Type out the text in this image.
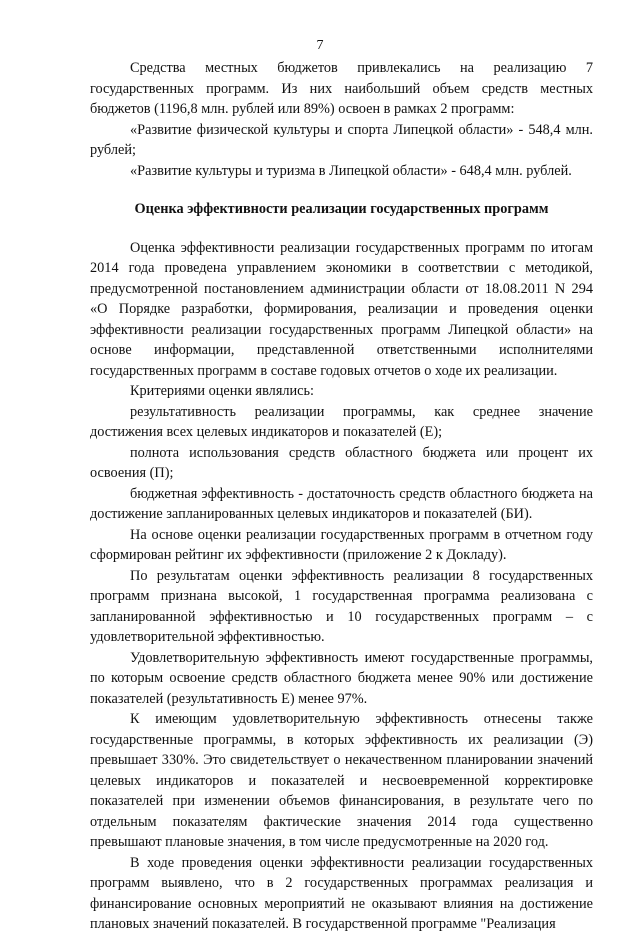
7

Средства местных бюджетов привлекались на реализацию 7 государственных программ. Из них наибольший объем средств местных бюджетов (1196,8 млн. рублей или 89%) освоен в рамках 2 программ:

«Развитие физической культуры и спорта Липецкой области» - 548,4 млн. рублей;

«Развитие культуры и туризма в Липецкой области» - 648,4 млн. рублей.

Оценка эффективности реализации государственных программ

Оценка эффективности реализации государственных программ по итогам 2014 года проведена управлением экономики в соответствии с методикой, предусмотренной постановлением администрации области от 18.08.2011 N 294 «О Порядке разработки, формирования, реализации и проведения оценки эффективности реализации государственных программ Липецкой области» на основе информации, представленной ответственными исполнителями государственных программ в составе годовых отчетов о ходе их реализации.

Критериями оценки являлись:

результативность реализации программы, как среднее значение достижения всех целевых индикаторов и показателей (Е);

полнота использования средств областного бюджета или процент их освоения (П);

бюджетная эффективность - достаточность средств областного бюджета на достижение запланированных целевых индикаторов и показателей (БИ).

На основе оценки реализации государственных программ в отчетном году сформирован рейтинг их эффективности (приложение 2 к Докладу).

По результатам оценки эффективность реализации 8 государственных программ признана высокой, 1 государственная программа реализована с запланированной эффективностью и 10 государственных программ – с удовлетворительной эффективностью.

Удовлетворительную эффективность имеют государственные программы, по которым освоение средств областного бюджета менее 90% или достижение показателей (результативность Е) менее 97%.

К имеющим удовлетворительную эффективность отнесены также государственные программы, в которых эффективность их реализации (Э) превышает 330%. Это свидетельствует о некачественном планировании значений целевых индикаторов и показателей и несвоевременной корректировке показателей при изменении объемов финансирования, в результате чего по отдельным показателям фактические значения 2014 года существенно превышают плановые значения, в том числе предусмотренные на 2020 год.

В ходе проведения оценки эффективности реализации государственных программ выявлено, что в 2 государственных программах реализация и финансирование основных мероприятий не оказывают влияния на достижение плановых значений показателей. В государственной программе "Реализация
